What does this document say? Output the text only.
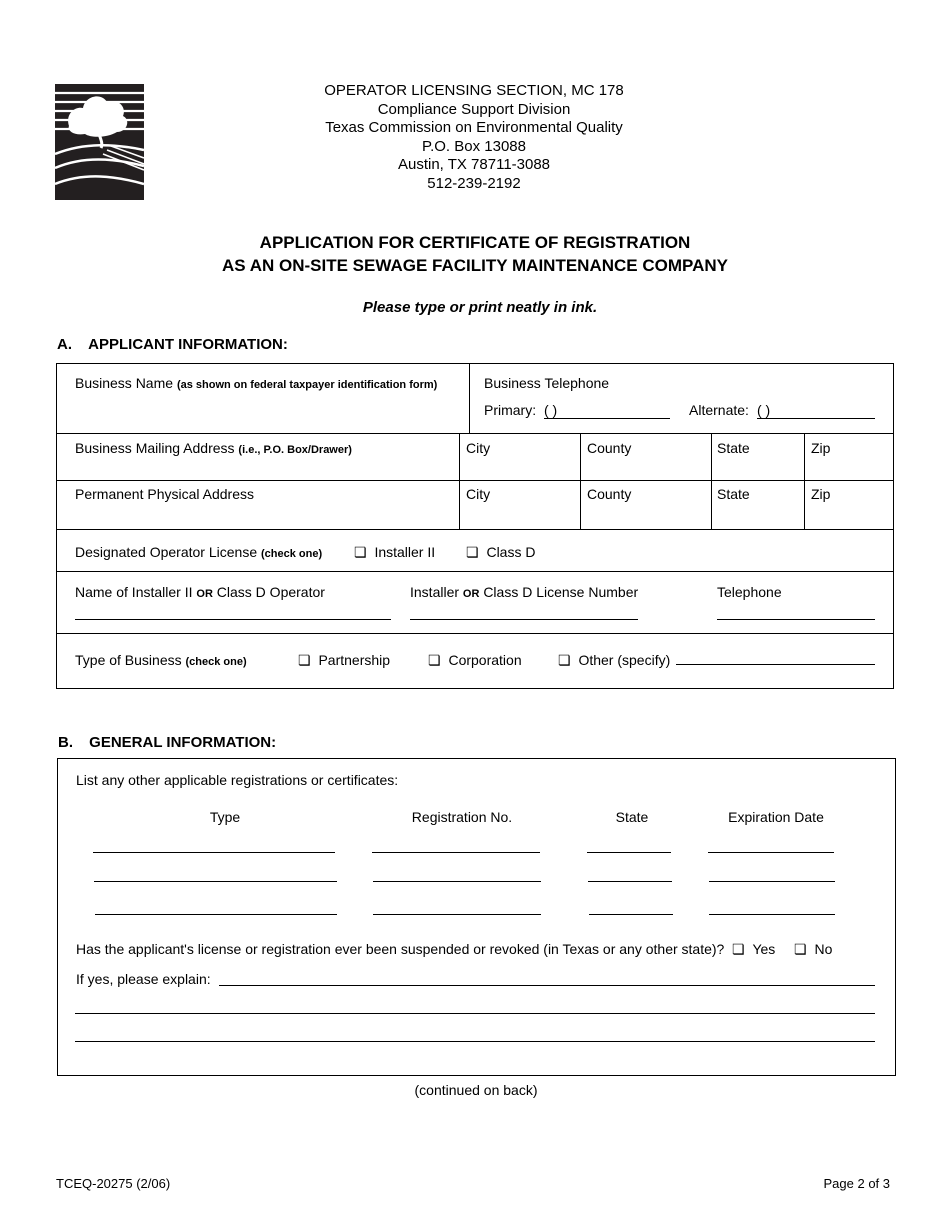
OPERATOR LICENSING SECTION, MC 178
Compliance Support Division
Texas Commission on Environmental Quality
P.O. Box 13088
Austin, TX 78711-3088
512-239-2192
APPLICATION FOR CERTIFICATE OF REGISTRATION
AS AN ON-SITE SEWAGE FACILITY MAINTENANCE COMPANY
Please type or print neatly in ink.
A. APPLICANT INFORMATION:
Business Name (as shown on federal taxpayer identification form)	Business Telephone
Primary: ( )	Alternate: ( )
Business Mailing Address (i.e., P.O. Box/Drawer)	City	County	State	Zip
Permanent Physical Address	City	County	State	Zip
Designated Operator License (check one) ❏ Installer II ❏ Class D
Name of Installer II OR Class D Operator	Installer OR Class D License Number	Telephone
Type of Business (check one)	❏ Partnership	❏ Corporation	❏ Other (specify)
B. GENERAL INFORMATION:
List any other applicable registrations or certificates:
Type	Registration No.	State	Expiration Date
Has the applicant's license or registration ever been suspended or revoked (in Texas or any other state)? ❏ Yes ❏ No
If yes, please explain:
(continued on back)
TCEQ-20275 (2/06)	Page 2 of 3
